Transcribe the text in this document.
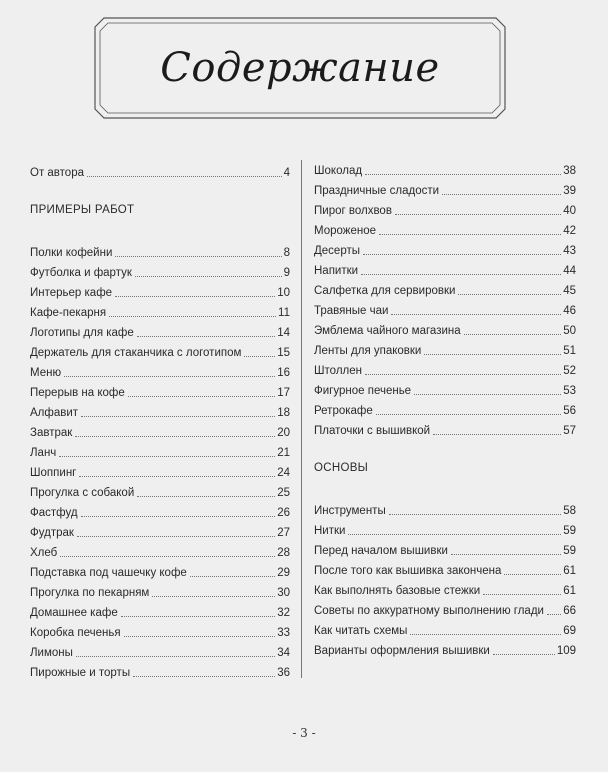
Содержание
От автора	4
ПРИМЕРЫ РАБОТ
Полки кофейни	8
Футболка и фартук	9
Интерьер кафе	10
Кафе-пекарня	11
Логотипы для кафе	14
Держатель для стаканчика с логотипом	15
Меню	16
Перерыв на кофе	17
Алфавит	18
Завтрак	20
Ланч	21
Шоппинг	24
Прогулка с собакой	25
Фастфуд	26
Фудтрак	27
Хлеб	28
Подставка под чашечку кофе	29
Прогулка по пекарням	30
Домашнее кафе	32
Коробка печенья	33
Лимоны	34
Пирожные и торты	36
Шоколад	38
Праздничные сладости	39
Пирог волхвов	40
Мороженое	42
Десерты	43
Напитки	44
Салфетка для сервировки	45
Травяные чаи	46
Эмблема чайного магазина	50
Ленты для упаковки	51
Штоллен	52
Фигурное печенье	53
Ретрокафе	56
Платочки с вышивкой	57
ОСНОВЫ
Инструменты	58
Нитки	59
Перед началом вышивки	59
После того как вышивка закончена	61
Как выполнять базовые стежки	61
Советы по аккуратному выполнению глади 66
Как читать схемы	69
Варианты оформления вышивки	109
- 3 -
